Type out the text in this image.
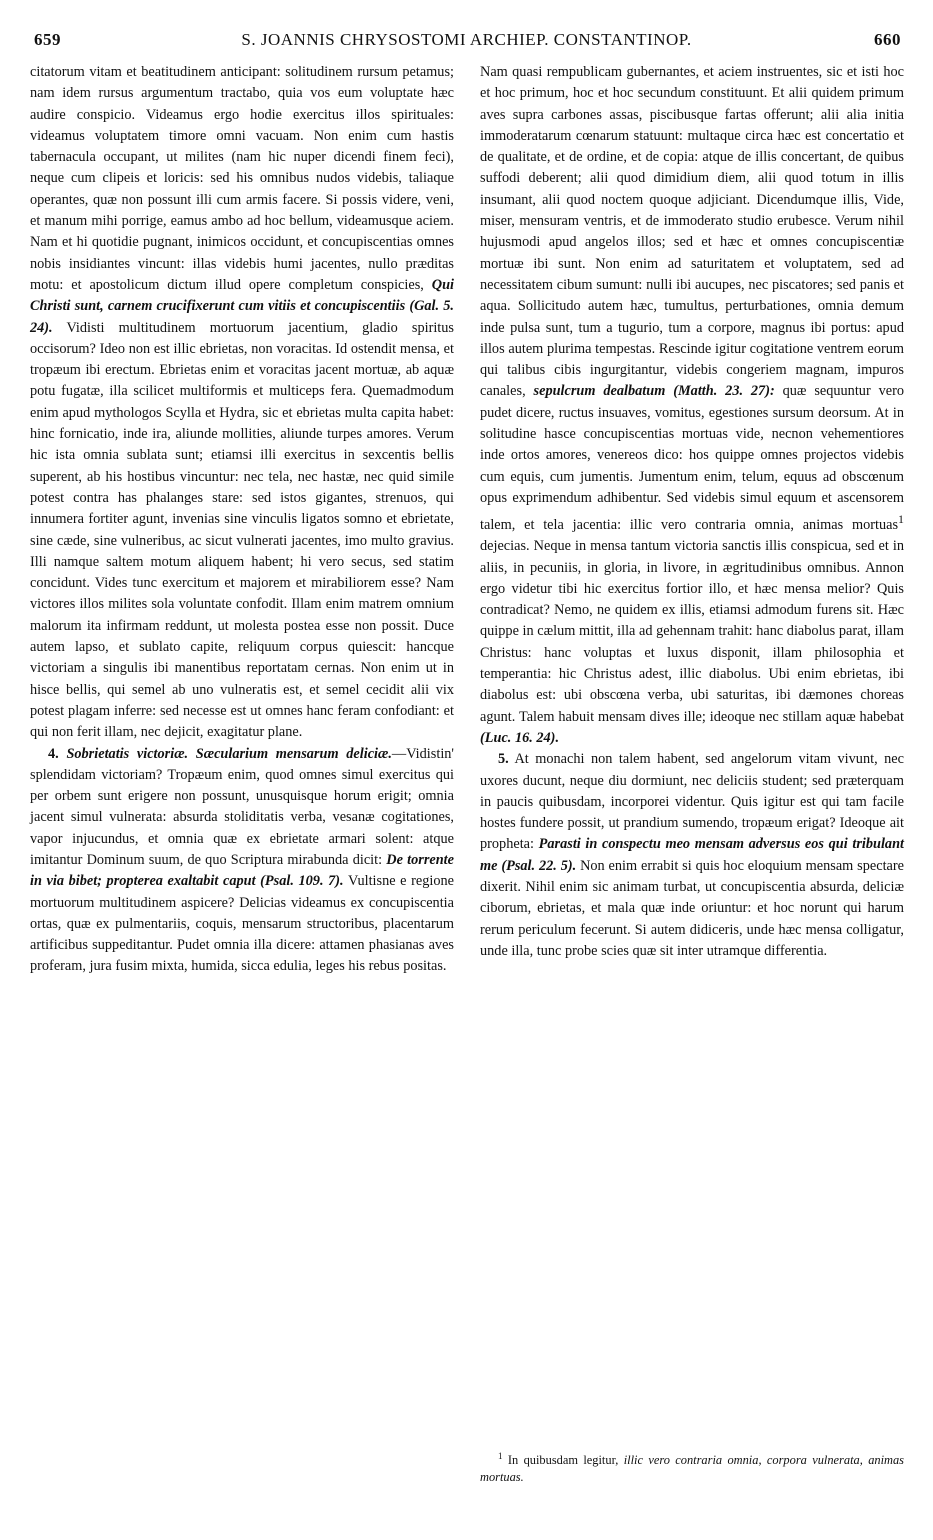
659	S. JOANNIS CHRYSOSTOMI ARCHIEP. CONSTANTINOP.	660

citatorum vitam et beatitudinem anticipant: solitudinem rursum petamus; nam idem rursus argumentum tractabo, quia vos eum voluptate hæc audire conspicio. Videamus ergo hodie exercitus illos spirituales: videamus voluptatem timore omni vacuam. Non enim cum hastis tabernacula occupant, ut milites (nam hic nuper dicendi finem feci), neque cum clipeis et loricis: sed his omnibus nudos videbis, taliaque operantes, quæ non possunt illi cum armis facere. Si possis videre, veni, et manum mihi porrige, eamus ambo ad hoc bellum, videamusque aciem. Nam et hi quotidie pugnant, inimicos occidunt, et concupiscentias omnes nobis insidiantes vincunt: illas videbis humi jacentes, nullo præditas motu: et apostolicum dictum illud opere completum conspicies, Qui Christi sunt, carnem crucifixerunt cum vitiis et concupiscentiis (Gal. 5. 24). Vidisti multitudinem mortuorum jacentium, gladio spiritus occisorum? Ideo non est illic ebrietas, non voracitas. Id ostendit mensa, et tropæum ibi erectum. Ebrietas enim et voracitas jacent mortuæ, ab aquæ potu fugatæ, illa scilicet multiformis et multiceps fera. Quemadmodum enim apud mythologos Scylla et Hydra, sic et ebrietas multa capita habet: hinc fornicatio, inde ira, aliunde mollities, aliunde turpes amores. Verum hic ista omnia sublata sunt; etiamsi illi exercitus in sexcentis bellis superent, ab his hostibus vincuntur: nec tela, nec hastæ, nec quid simile potest contra has phalanges stare: sed istos gigantes, strenuos, qui innumera fortiter agunt, invenias sine vinculis ligatos somno et ebrietate, sine cæde, sine vulneribus, ac sicut vulnerati jacentes, imo multo gravius. Illi namque saltem motum aliquem habent; hi vero secus, sed statim concidunt. Vides tunc exercitum et majorem et mirabiliorem esse? Nam victores illos milites sola voluntate confodit. Illam enim matrem omnium malorum ita infirmam reddunt, ut molesta postea esse non possit. Duce autem lapso, et sublato capite, reliquum corpus quiescit: hancque victoriam a singulis ibi manentibus reportatam cernas. Non enim ut in hisce bellis, qui semel ab uno vulneratis est, et semel cecidit alii vix potest plagam inferre: sed necesse est ut omnes hanc feram confodiant: et qui non ferit illam, nec dejicit, exagitatur plane.

4. Sobrietatis victoriæ. Sæcularium mensarum deliciæ.—Vidistin' splendidam victoriam? Tropæum enim, quod omnes simul exercitus qui per orbem sunt erigere non possunt, unusquisque horum erigit; omnia jacent simul vulnerata: absurda stoliditatis verba, vesanæ cogitationes, vapor injucundus, et omnia quæ ex ebrietate armari solent: atque imitantur Dominum suum, de quo Scriptura mirabunda dicit: De torrente in via bibet; propterea exaltabit caput (Psal. 109. 7). Vultisne e regione mortuorum multitudinem aspicere? Delicias videamus ex concupiscentia ortas, quæ ex pulmentariis, coquis, mensarum structoribus, placentarum artificibus suppeditantur. Pudet omnia illa dicere: attamen phasianas aves proferam, jura fusim mixta, humida, sicca edulia, leges his rebus positas.

Nam quasi rempublicam gubernantes, et aciem instruentes, sic et isti hoc et hoc primum, hoc et hoc secundum constituunt. Et alii quidem primum aves supra carbones assas, piscibusque fartas offerunt; alii alia initia immoderatarum cœnarum statuunt: multaque circa hæc est concertatio et de qualitate, et de ordine, et de copia: atque de illis concertant, de quibus suffodi deberent; alii quod dimidium diem, alii quod totum in illis insumant, alii quod noctem quoque adjiciant. Dicendumque illis, Vide, miser, mensuram ventris, et de immoderato studio erubesce. Verum nihil hujusmodi apud angelos illos; sed et hæc et omnes concupiscentiæ mortuæ ibi sunt. Non enim ad saturitatem et voluptatem, sed ad necessitatem cibum sumunt: nulli ibi aucupes, nec piscatores; sed panis et aqua. Sollicitudo autem hæc, tumultus, perturbationes, omnia demum inde pulsa sunt, tum a tugurio, tum a corpore, magnus ibi portus: apud illos autem plurima tempestas. Rescinde igitur cogitatione ventrem eorum qui talibus cibis ingurgitantur, videbis congeriem magnam, impuros canales, sepulcrum dealbatum (Matth. 23. 27): quæ sequuntur vero pudet dicere, ructus insuaves, vomitus, egestiones sursum deorsum. At in solitudine hasce concupiscentias mortuas vide, necnon vehementiores inde ortos amores, venereos dico: hos quippe omnes projectos videbis cum equis, cum jumentis. Jumentum enim, telum, equus ad obscœnum opus exprimendum adhibentur. Sed videbis simul equum et ascensorem talem, et tela jacentia: illic vero contraria omnia, animas mortuas$^1$ dejecias. Neque in mensa tantum victoria sanctis illis conspicua, sed et in aliis, in pecuniis, in gloria, in livore, in ægritudinibus omnibus. Annon ergo videtur tibi hic exercitus fortior illo, et hæc mensa melior? Quis contradicat? Nemo, ne quidem ex illis, etiamsi admodum furens sit. Hæc quippe in cælum mittit, illa ad gehennam trahit: hanc diabolus parat, illam Christus: hanc voluptas et luxus disponit, illam philosophia et temperantia: hic Christus adest, illic diabolus. Ubi enim ebrietas, ibi diabolus est: ubi obscœna verba, ubi saturitas, ibi dæmones choreas agunt. Talem habuit mensam dives ille; ideoque nec stillam aquæ habebat (Luc. 16. 24).

5. At monachi non talem habent, sed angelorum vitam vivunt, nec uxores ducunt, neque diu dormiunt, nec deliciis student; sed præterquam in paucis quibusdam, incorporei videntur. Quis igitur est qui tam facile hostes fundere possit, ut prandium sumendo, tropæum erigat? Ideoque ait propheta: Parasti in conspectu meo mensam adversus eos qui tribulant me (Psal. 22. 5). Non enim errabit si quis hoc eloquium mensam spectare dixerit. Nihil enim sic animam turbat, ut concupiscentia absurda, deliciæ ciborum, ebrietas, et mala quæ inde oriuntur: et hoc norunt qui harum rerum periculum fecerunt. Si autem didiceris, unde hæc mensa colligatur, unde illa, tunc probe scies quæ sit inter utramque differentia.

$^1$ In quibusdam legitur, illic vero contraria omnia, corpora vulnerata, animas mortuas.
